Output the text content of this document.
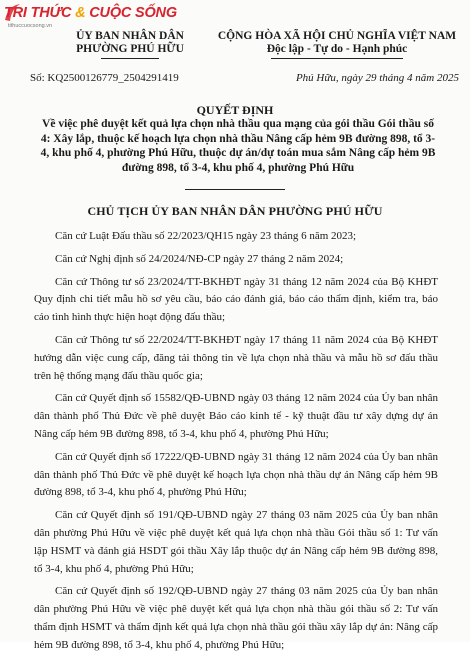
TRI THỨC & CUỘC SỐNG
tithuccuocsong.vn
ỦY BAN NHÂN DÂN
PHƯỜNG PHÚ HỮU
CỘNG HÒA XÃ HỘI CHỦ NGHĨA VIỆT NAM
Độc lập - Tự do - Hạnh phúc
Số: KQ2500126779_2504291419	Phú Hữu, ngày 29 tháng 4 năm 2025
QUYẾT ĐỊNH
Về việc phê duyệt kết quả lựa chọn nhà thầu qua mạng của gói thầu Gói thầu số 4: Xây lắp, thuộc kế hoạch lựa chọn nhà thầu Nâng cấp hẻm 9B đường 898, tổ 3-4, khu phố 4, phường Phú Hữu, thuộc dự án/dự toán mua sắm Nâng cấp hẻm 9B đường 898, tổ 3-4, khu phố 4, phường Phú Hữu
CHỦ TỊCH ỦY BAN NHÂN DÂN PHƯỜNG PHÚ HỮU

Căn cứ Luật Đấu thầu số 22/2023/QH15 ngày 23 tháng 6 năm 2023;

Căn cứ Nghị định số 24/2024/NĐ-CP ngày 27 tháng 2 năm 2024;

Căn cứ Thông tư số 23/2024/TT-BKHĐT ngày 31 tháng 12 năm 2024 của Bộ KHĐT Quy định chi tiết mẫu hồ sơ yêu cầu, báo cáo đánh giá, báo cáo thẩm định, kiểm tra, báo cáo tình hình thực hiện hoạt động đấu thầu;

Căn cứ Thông tư số 22/2024/TT-BKHĐT ngày 17 tháng 11 năm 2024 của Bộ KHĐT hướng dẫn việc cung cấp, đăng tải thông tin về lựa chọn nhà thầu và mẫu hồ sơ đấu thầu trên hệ thống mạng đấu thầu quốc gia;

Căn cứ Quyết định số 15582/QĐ-UBND ngày 03 tháng 12 năm 2024 của Ủy ban nhân dân thành phố Thủ Đức về phê duyệt Báo cáo kinh tế - kỹ thuật đầu tư xây dựng dự án Nâng cấp hẻm 9B đường 898, tổ 3-4, khu phố 4, phường Phú Hữu;

Căn cứ Quyết định số 17222/QĐ-UBND ngày 31 tháng 12 năm 2024 của Ủy ban nhân dân thành phố Thủ Đức về phê duyệt kế hoạch lựa chọn nhà thầu dự án Nâng cấp hẻm 9B đường 898, tổ 3-4, khu phố 4, phường Phú Hữu;

Căn cứ Quyết định số 191/QĐ-UBND ngày 27 tháng 03 năm 2025 của Ủy ban nhân dân phường Phú Hữu về việc phê duyệt kết quả lựa chọn nhà thầu Gói thầu số 1: Tư vấn lập HSMT và đánh giá HSDT gói thầu Xây lắp thuộc dự án Nâng cấp hẻm 9B đường 898, tổ 3-4, khu phố 4, phường Phú Hữu;

Căn cứ Quyết định số 192/QĐ-UBND ngày 27 tháng 03 năm 2025 của Ủy ban nhân dân phường Phú Hữu về việc phê duyệt kết quả lựa chọn nhà thầu gói thầu số 2: Tư vấn thẩm định HSMT và thẩm định kết quả lựa chọn nhà thầu gói thầu xây lắp dự án: Nâng cấp hẻm 9B đường 898, tổ 3-4, khu phố 4, phường Phú Hữu;
